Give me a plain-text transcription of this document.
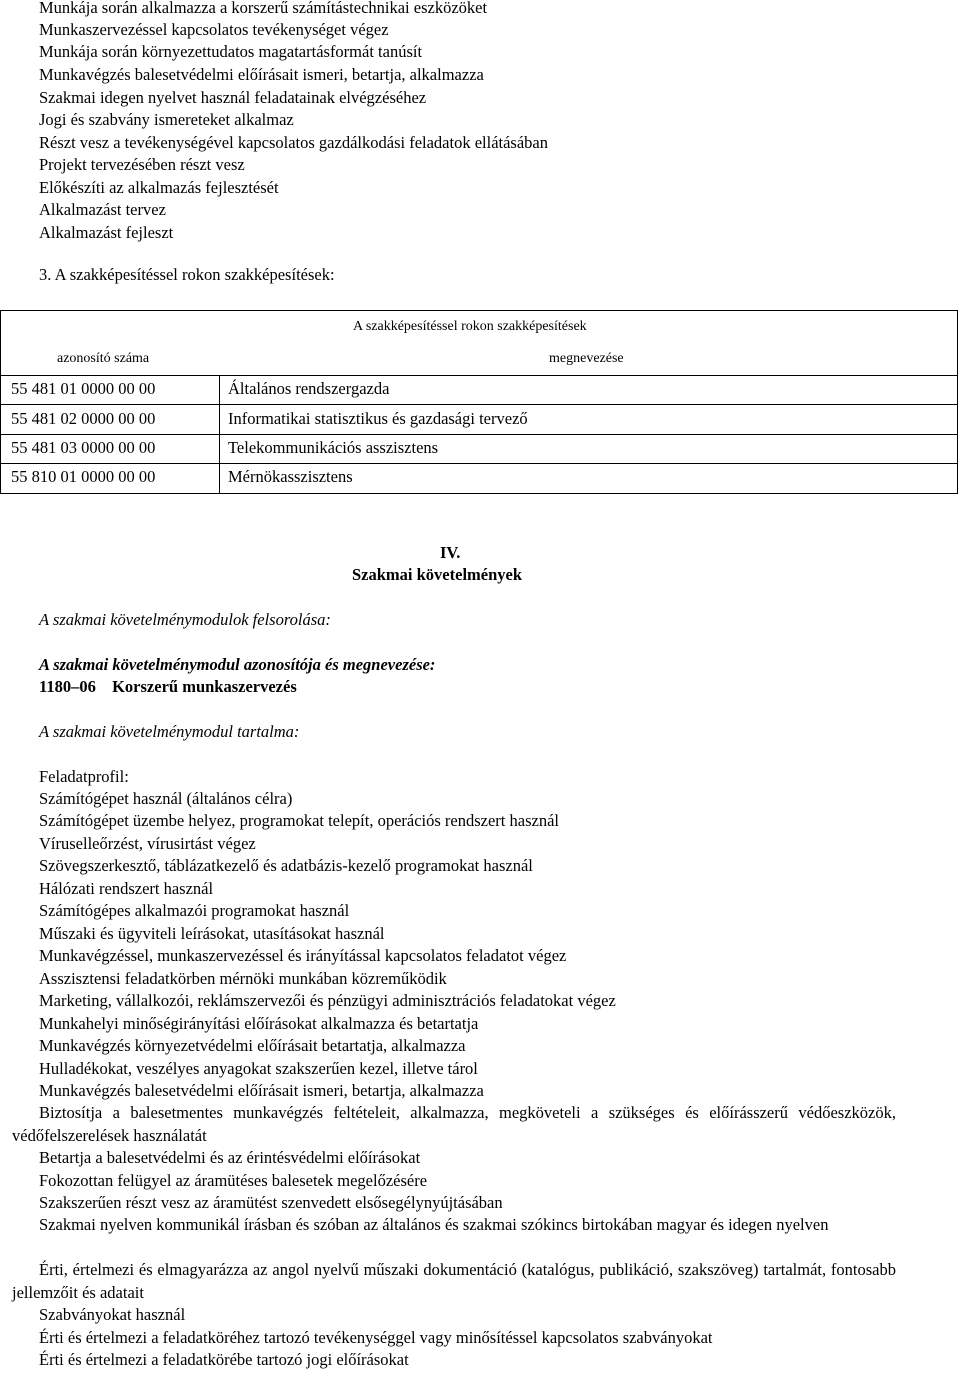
Munkája során alkalmazza a korszerű számítástechnikai eszközöket
Munkaszervezéssel kapcsolatos tevékenységet végez
Munkája során környezettudatos magatartásformát tanúsít
Munkavégzés balesetvédelmi előírásait ismeri, betartja, alkalmazza
Szakmai idegen nyelvet használ feladatainak elvégzéséhez
Jogi és szabvány ismereteket alkalmaz
Részt vesz a tevékenységével kapcsolatos gazdálkodási feladatok ellátásában
Projekt tervezésében részt vesz
Előkészíti az alkalmazás fejlesztését
Alkalmazást tervez
Alkalmazást fejleszt
3. A szakképesítéssel rokon szakképesítések:
A szakképesítéssel rokon szakképesítések
azonosító száma	megnevezése
55 481 01 0000 00 00	Általános rendszergazda
55 481 02 0000 00 00	Informatikai statisztikus és gazdasági tervező
55 481 03 0000 00 00	Telekommunikációs asszisztens
55 810 01 0000 00 00	Mérnökasszisztens
IV.
Szakmai követelmények
A szakmai követelménymodulok felsorolása:
A szakmai követelménymodul azonosítója és megnevezése:
1180–06 Korszerű munkaszervezés
A szakmai követelménymodul tartalma:
Feladatprofil:
Számítógépet használ (általános célra)
Számítógépet üzembe helyez, programokat telepít, operációs rendszert használ
Víruselleőrzést, vírusirtást végez
Szövegszerkesztő, táblázatkezelő és adatbázis-kezelő programokat használ
Hálózati rendszert használ
Számítógépes alkalmazói programokat használ
Műszaki és ügyviteli leírásokat, utasításokat használ
Munkavégzéssel, munkaszervezéssel és irányítással kapcsolatos feladatot végez
Asszisztensi feladatkörben mérnöki munkában közreműködik
Marketing, vállalkozói, reklámszervezői és pénzügyi adminisztrációs feladatokat végez
Munkahelyi minőségirányítási előírásokat alkalmazza és betartatja
Munkavégzés környezetvédelmi előírásait betartatja, alkalmazza
Hulladékokat, veszélyes anyagokat szakszerűen kezel, illetve tárol
Munkavégzés balesetvédelmi előírásait ismeri, betartja, alkalmazza
Biztosítja a balesetmentes munkavégzés feltételeit, alkalmazza, megköveteli a szükséges és előírásszerű védőeszközök, védőfelszerelések használatát
Betartja a balesetvédelmi és az érintésvédelmi előírásokat
Fokozottan felügyel az áramütéses balesetek megelőzésére
Szakszerűen részt vesz az áramütést szenvedett elsősegélynyújtásában
Szakmai nyelven kommunikál írásban és szóban az általános és szakmai szókincs birtokában magyar és idegen nyelven
Érti, értelmezi és elmagyarázza az angol nyelvű műszaki dokumentáció (katalógus, publikáció, szakszöveg) tartalmát, fontosabb jellemzőit és adatait
Szabványokat használ
Érti és értelmezi a feladatköréhez tartozó tevékenységgel vagy minősítéssel kapcsolatos szabványokat
Érti és értelmezi a feladatkörébe tartozó jogi előírásokat
